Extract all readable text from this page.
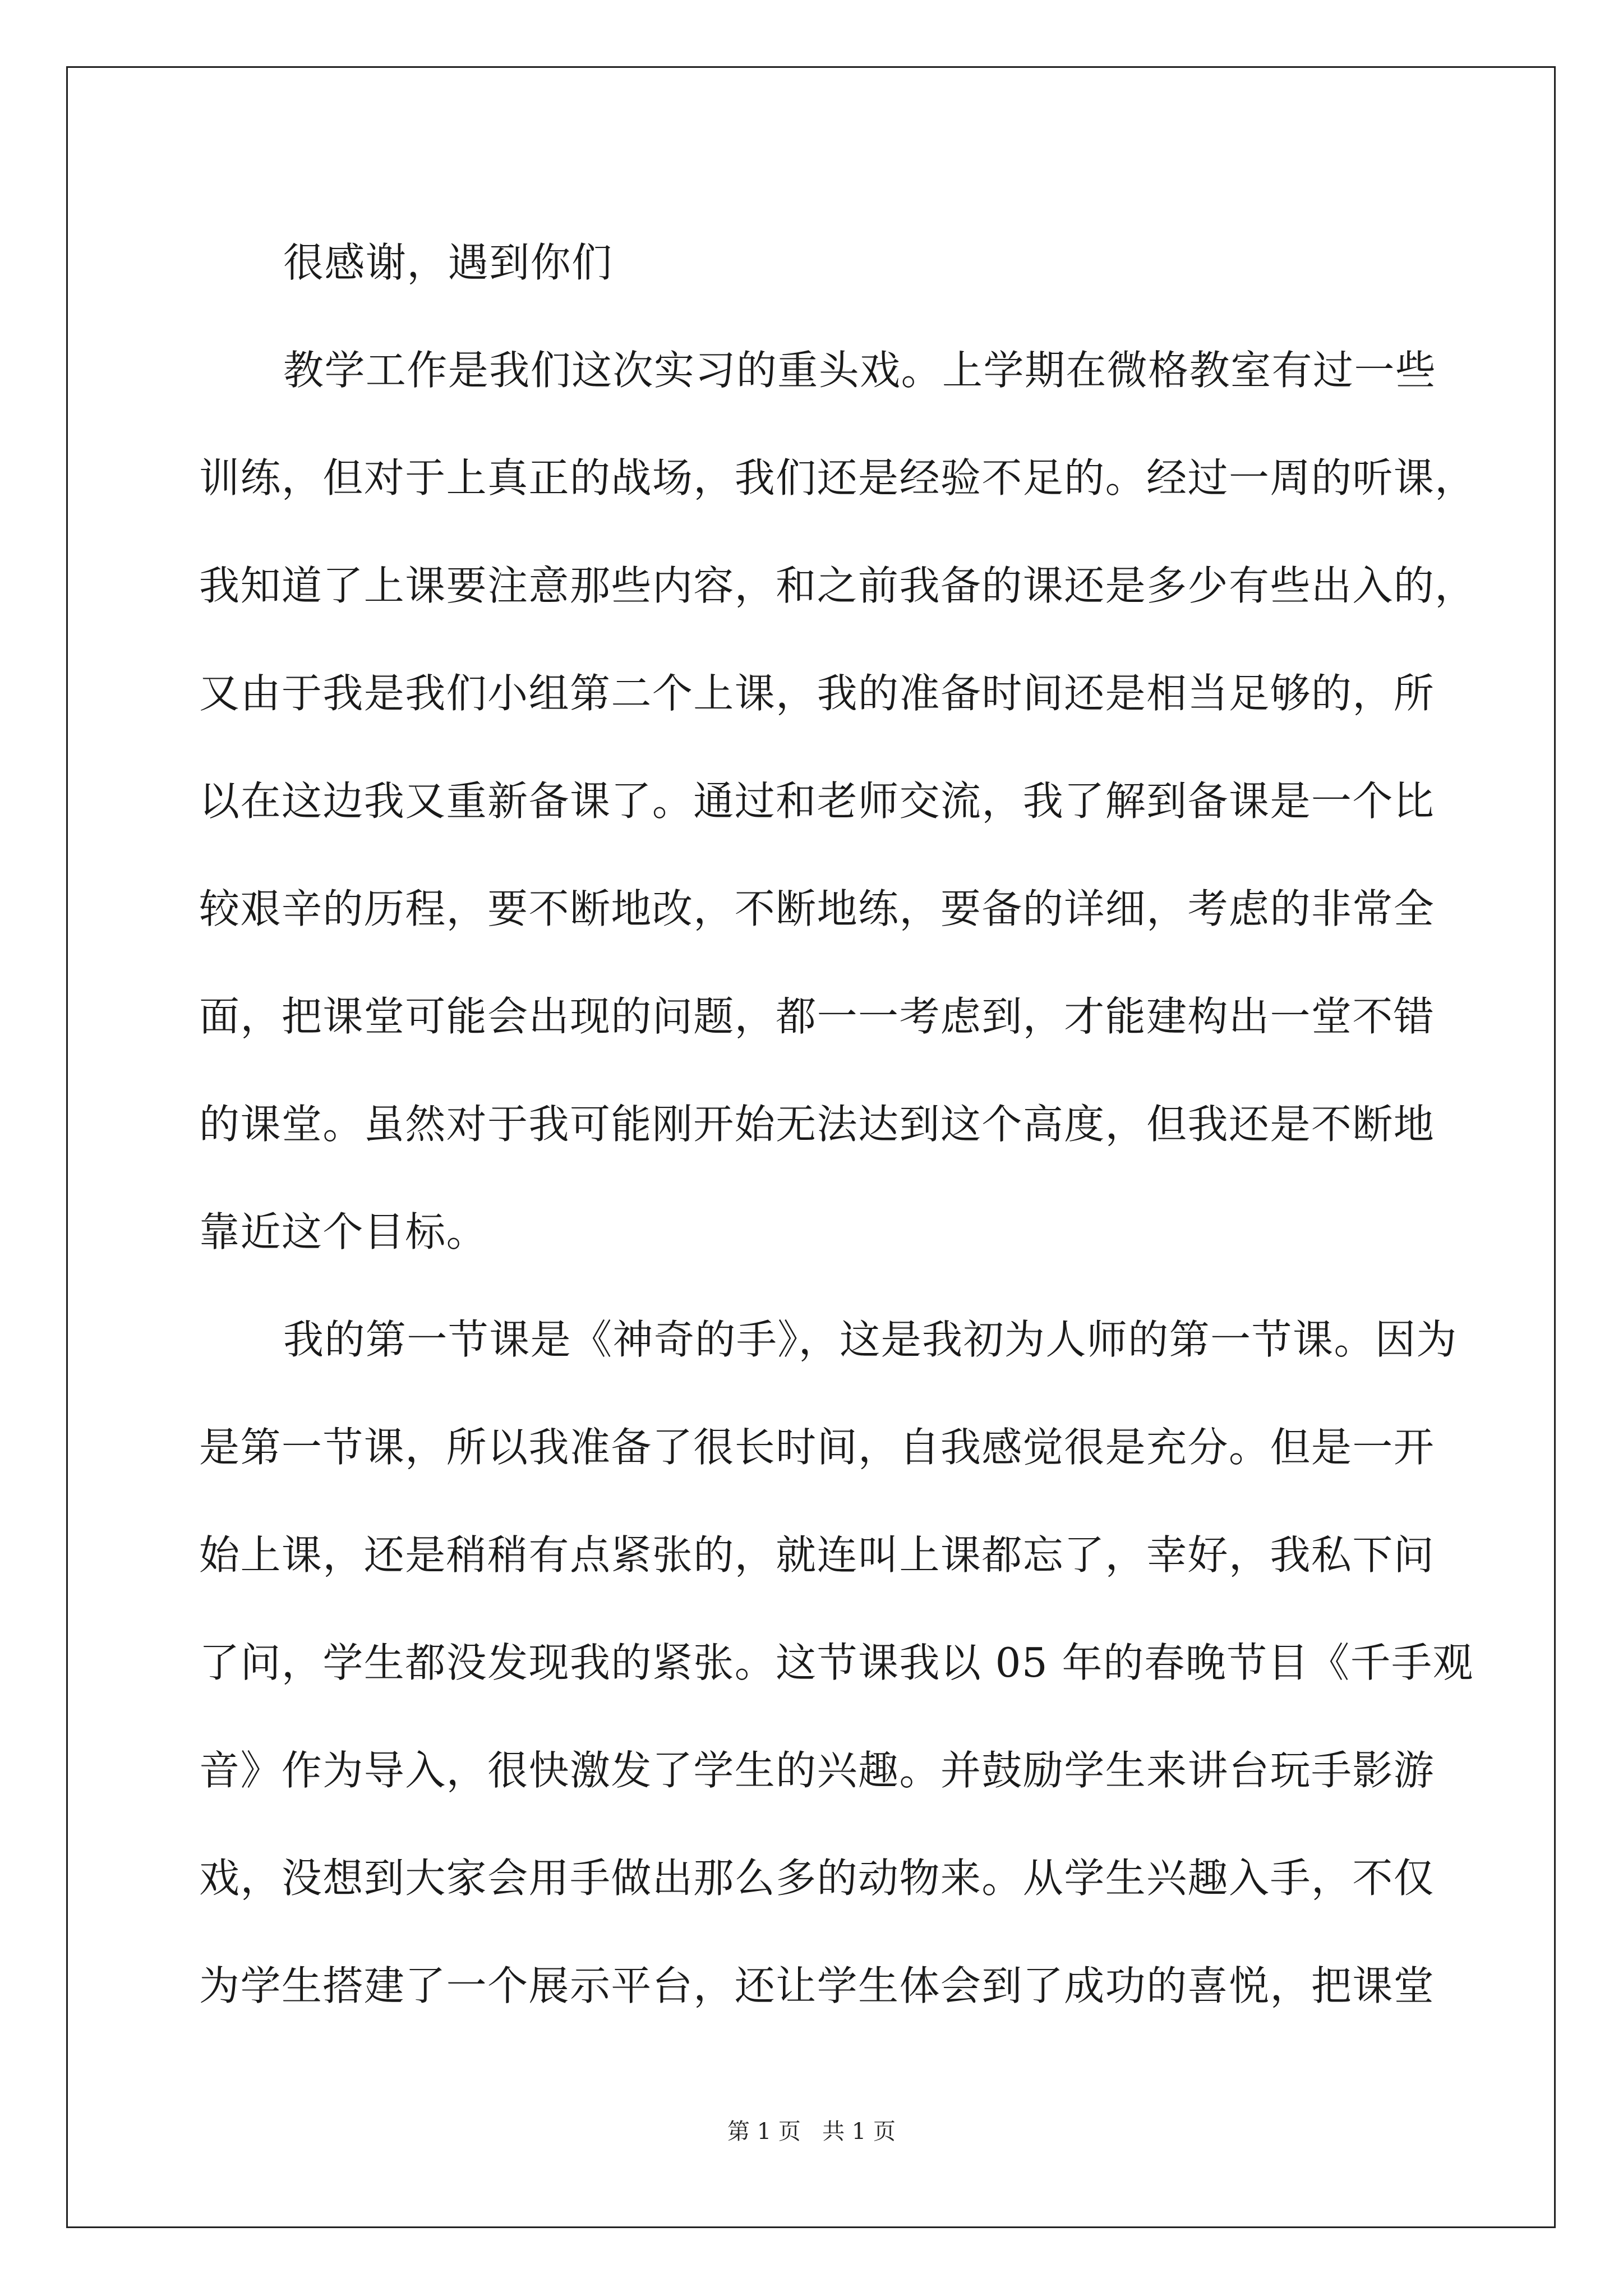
很感谢，遇到你们
教学工作是我们这次实习的重头戏。上学期在微格教室有过一些
训练，但对于上真正的战场，我们还是经验不足的。经过一周的听课，
我知道了上课要注意那些内容，和之前我备的课还是多少有些出入的，
又由于我是我们小组第二个上课，我的准备时间还是相当足够的，所
以在这边我又重新备课了。通过和老师交流，我了解到备课是一个比
较艰辛的历程，要不断地改，不断地练，要备的详细，考虑的非常全
面，把课堂可能会出现的问题，都一一考虑到，才能建构出一堂不错
的课堂。虽然对于我可能刚开始无法达到这个高度，但我还是不断地
靠近这个目标。
我的第一节课是《神奇的手》，这是我初为人师的第一节课。因为
是第一节课，所以我准备了很长时间，自我感觉很是充分。但是一开
始上课，还是稍稍有点紧张的，就连叫上课都忘了，幸好，我私下问
了问，学生都没发现我的紧张。这节课我以 05 年的春晚节目《千手观
音》作为导入，很快激发了学生的兴趣。并鼓励学生来讲台玩手影游
戏，没想到大家会用手做出那么多的动物来。从学生兴趣入手，不仅
为学生搭建了一个展示平台，还让学生体会到了成功的喜悦，把课堂
第 1 页   共 1 页
